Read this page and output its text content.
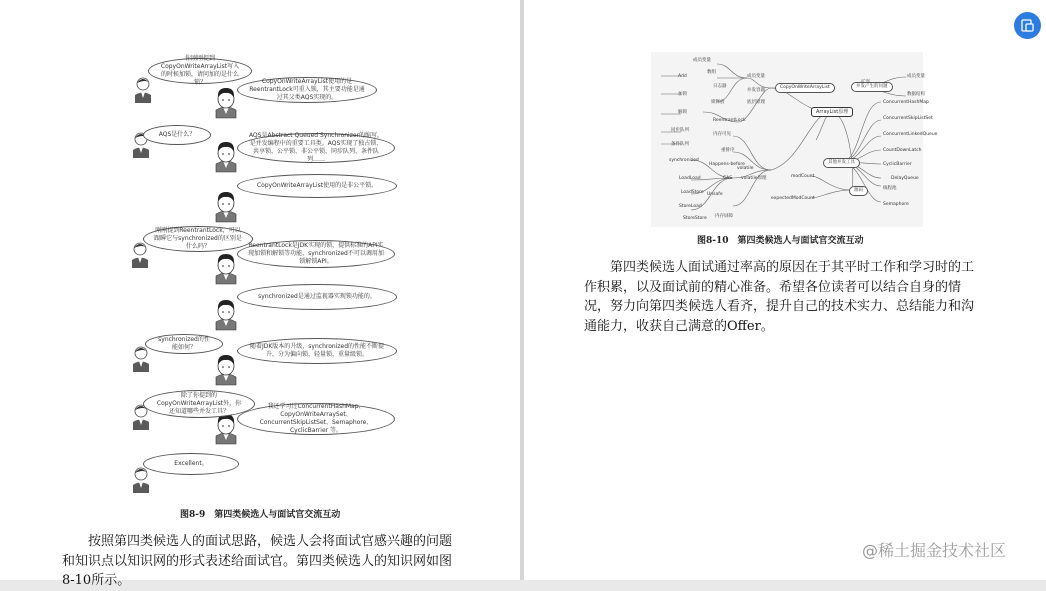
你刚刚提到CopyOnWriteArrayList写入的时候加锁，请问加的是什么锁？	CopyOnWriteArrayList使用的是ReentrantLock可重入锁，其主要功能是通过其父类AQS实现的。
AQS是什么？	AQS是Abstract Queued Synchronizer的缩写，是并发编程中的重要工具类。AQS实现了独占锁、共享锁、公平锁、非公平锁、同步队列、条件队列……
CopyOnWriteArrayList使用的是非公平锁。
刚刚提到ReentrantLock，可以跟瞬它与synchronized的区别是什么吗？	ReentrantLock是JDK实现的锁，提供标准的API实现加锁和解锁等功能，synchronized不可以调用加锁解锁API。
synchronized是通过监视器实现锁功能的。
synchronized的性能如何？	随着JDK版本的升级，synchronized的性能不断提升，分为偏向锁、轻量锁、重量级锁。
除了你提到的CopyOnWriteArrayList外，你还知道哪些并发工具？
我还学习过ConcurrentHashMap、CopyOnWriteArraySet、ConcurrentSkipListSet、Semaphore、CyclicBarrier 等。
Excellent。
图8-9　第四类候选人与面试官交流互动

按照第四类候选人的面试思路，候选人会将面试官感兴趣的问题和知识点以知识网的形式表述给面试官。第四类候选人的知识网如图8-10所示。

ArrayList原理
成员变量
数组
Add	成员变量
加锁
日志器
解锁
锁释放
同步队列
ReentrantLock
条件队列
synchronized
Happens-before
内存可见
重排序
volatile
CAS
Unsafe
volatile原理
LoadLoad
LoadStore
StoreLoad
StoreStore 内存屏障
CopyOnWriteArrayList
并发容器
底层原理
并发产生的问题
成员变量
数据结构
ConcurrentHashMap
ConcurrentSkipListSet
ConcurrentLinkedQueue
CountDownLatch
CyclicBarrier
DelayQueue
线程池
Semaphore
其他并发工具
modCount
expectedModCount
源码
图8-10　第四类候选人与面试官交流互动

第四类候选人面试通过率高的原因在于其平时工作和学习时的工作积累，以及面试前的精心准备。希望各位读者可以结合自身的情况，努力向第四类候选人看齐，提升自己的技术实力、总结能力和沟通能力，收获自己满意的Offer。

@稀土掘金技术社区
